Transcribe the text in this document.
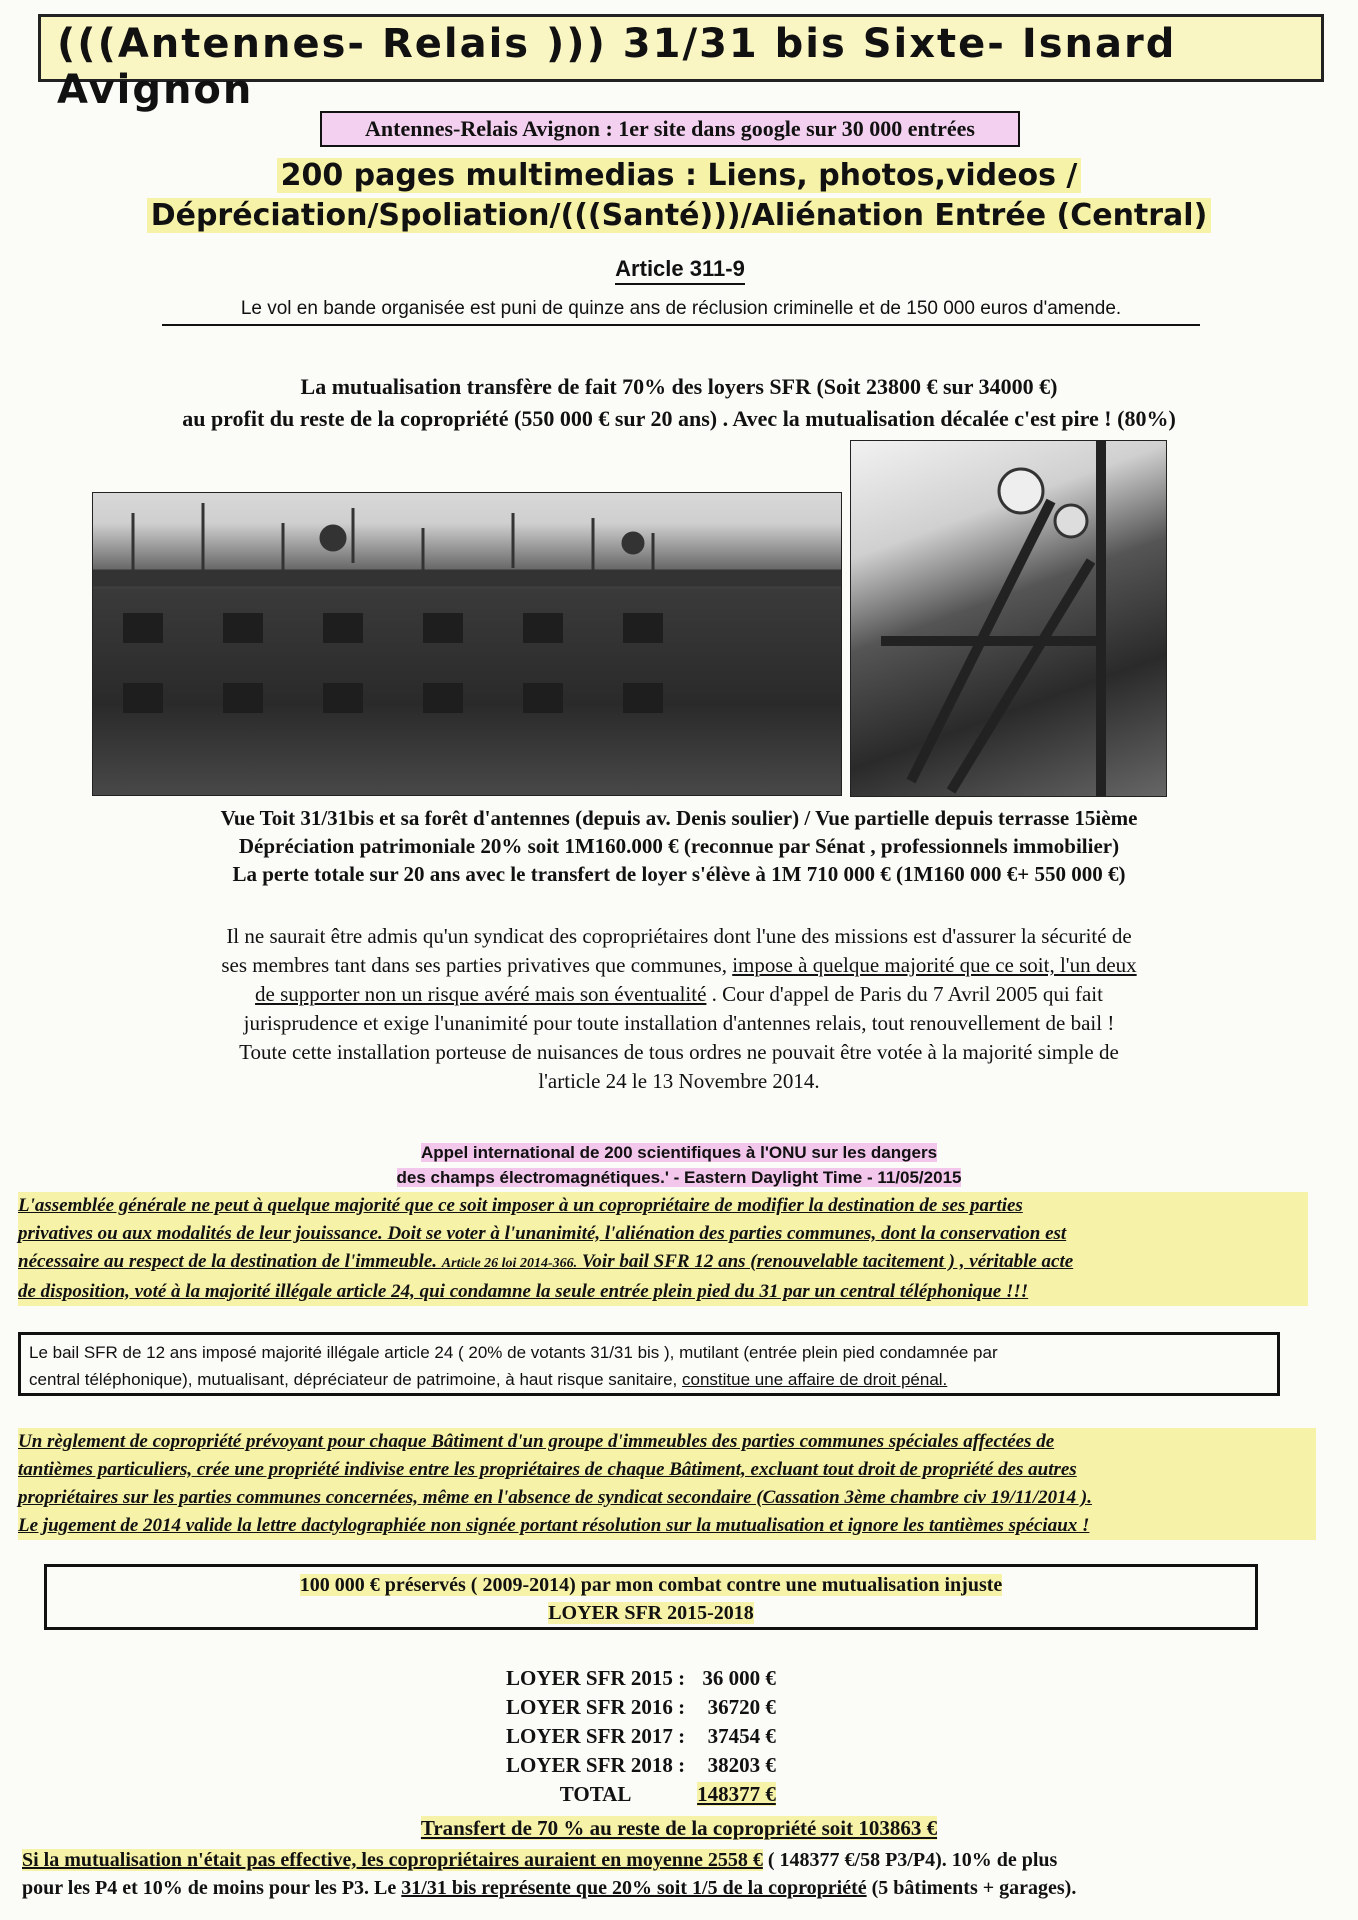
(((Antennes- Relais ))) 31/31 bis Sixte- Isnard Avignon
Antennes-Relais Avignon : 1er site dans google sur 30 000 entrées
200 pages multimedias : Liens, photos,videos /
Dépréciation/Spoliation/(((Santé)))/Aliénation Entrée (Central)
Article 311-9
Le vol en bande organisée est puni de quinze ans de réclusion criminelle et de 150 000 euros d'amende.
La mutualisation transfère de fait 70% des loyers SFR (Soit 23800 € sur 34000 €)
au profit du reste de la copropriété (550 000 € sur 20 ans) . Avec la mutualisation décalée c'est pire ! (80%)
Vue Toit 31/31bis et sa forêt d'antennes (depuis av. Denis soulier) / Vue partielle depuis terrasse 15ième
Dépréciation patrimoniale 20% soit 1M160.000 € (reconnue par Sénat , professionnels immobilier)
La perte totale sur 20 ans avec le transfert de loyer s'élève à 1M 710 000 € (1M160 000 €+ 550 000 €)
Il ne saurait être admis qu'un syndicat des copropriétaires dont l'une des missions est d'assurer la sécurité de
ses membres tant dans ses parties privatives que communes, impose à quelque majorité que ce soit, l'un deux
de supporter non un risque avéré mais son éventualité . Cour d'appel de Paris du 7 Avril 2005 qui fait
jurisprudence et exige l'unanimité pour toute installation d'antennes relais, tout renouvellement de bail !
Toute cette installation porteuse de nuisances de tous ordres ne pouvait être votée à la majorité simple de
l'article 24 le 13 Novembre 2014.
Appel international de 200 scientifiques à l'ONU sur les dangers
des champs électromagnétiques.' - Eastern Daylight Time - 11/05/2015
L'assemblée générale ne peut à quelque majorité que ce soit imposer à un copropriétaire de modifier la destination de ses parties
privatives ou aux modalités de leur jouissance. Doit se voter à l'unanimité, l'aliénation des parties communes, dont la conservation est
nécessaire au respect de la destination de l'immeuble. Article 26 loi 2014-366. Voir bail SFR 12 ans (renouvelable tacitement ) , véritable acte
de disposition, voté à la majorité illégale article 24, qui condamne la seule entrée plein pied du 31 par un central téléphonique !!!
Le bail SFR de 12 ans imposé majorité illégale article 24 ( 20% de votants 31/31 bis ), mutilant (entrée plein pied condamnée par
central téléphonique), mutualisant, dépréciateur de patrimoine, à haut risque sanitaire, constitue une affaire de droit pénal.
Un règlement de copropriété prévoyant pour chaque Bâtiment d'un groupe d'immeubles des parties communes spéciales affectées de
tantièmes particuliers, crée une propriété indivise entre les propriétaires de chaque Bâtiment, excluant tout droit de propriété des autres
propriétaires sur les parties communes concernées, même en l'absence de syndicat secondaire (Cassation 3ème chambre civ 19/11/2014 ).
Le jugement de 2014 valide la lettre dactylographiée non signée portant résolution sur la mutualisation et ignore les tantièmes spéciaux !
100 000 € préservés ( 2009-2014) par mon combat contre une mutualisation injuste
LOYER SFR 2015-2018
LOYER SFR 2015 :	36 000 €
LOYER SFR 2016 :	36720 €
LOYER SFR 2017 :	37454 €
LOYER SFR 2018 :	38203 €
TOTAL	148377 €
Transfert de 70 % au reste de la copropriété soit 103863 €
Si la mutualisation n'était pas effective, les copropriétaires auraient en moyenne 2558 € ( 148377 €/58 P3/P4). 10% de plus
pour les P4 et 10% de moins pour les P3. Le 31/31 bis représente que 20% soit 1/5 de la copropriété (5 bâtiments + garages).
